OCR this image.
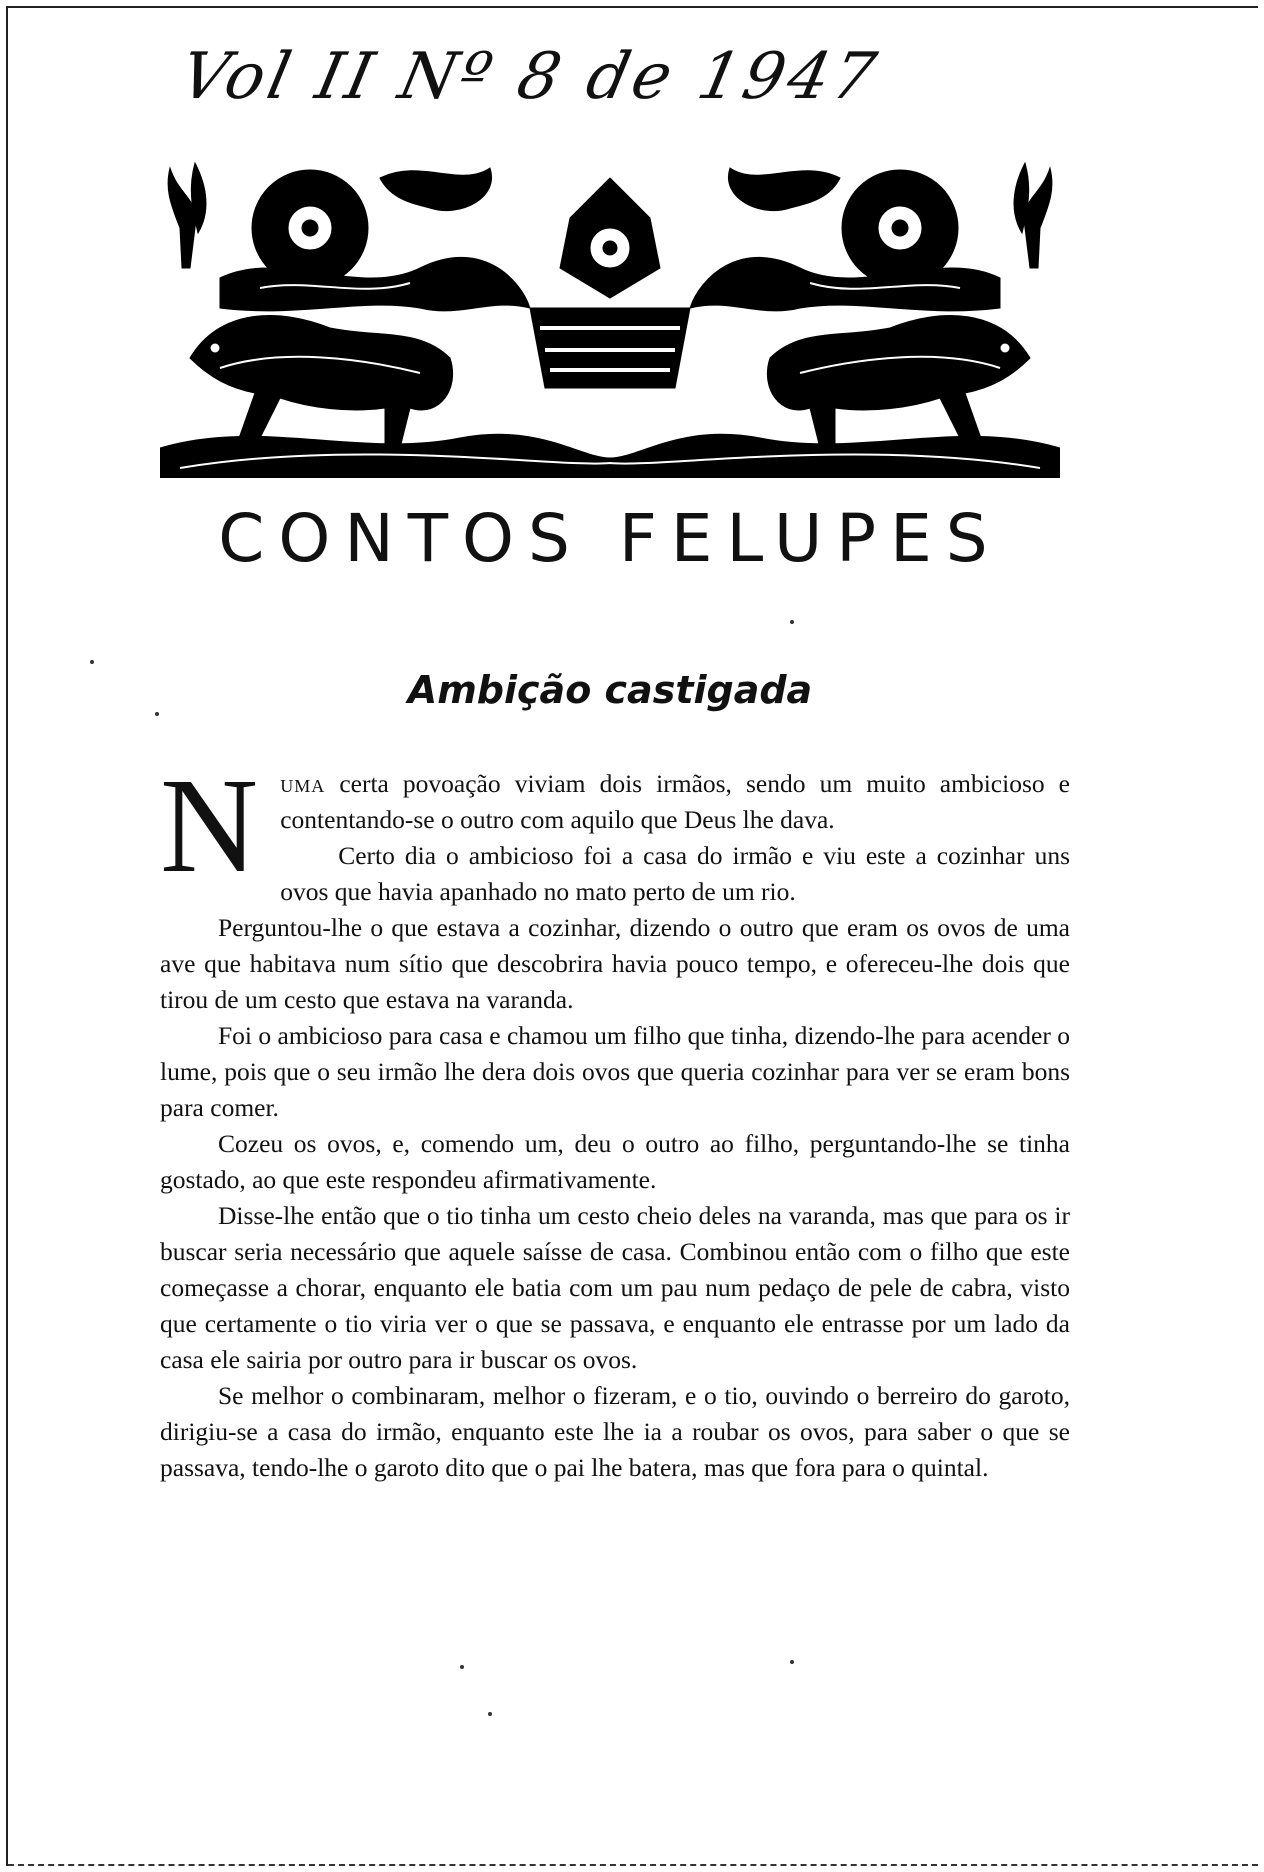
Vol II Nº 8 de 1947
CONTOS FELUPES
Ambição castigada

Numa certa povoação viviam dois irmãos, sendo um muito ambicioso e contentando-se o outro com aquilo que Deus lhe dava.

Certo dia o ambicioso foi a casa do irmão e viu este a cozinhar uns ovos que havia apanhado no mato perto de um rio.

Perguntou-lhe o que estava a cozinhar, dizendo o outro que eram os ovos de uma ave que habitava num sítio que descobrira havia pouco tempo, e ofereceu-lhe dois que tirou de um cesto que estava na varanda.

Foi o ambicioso para casa e chamou um filho que tinha, dizendo-lhe para acender o lume, pois que o seu irmão lhe dera dois ovos que queria cozinhar para ver se eram bons para comer.

Cozeu os ovos, e, comendo um, deu o outro ao filho, perguntando-lhe se tinha gostado, ao que este respondeu afirmativamente.

Disse-lhe então que o tio tinha um cesto cheio deles na varanda, mas que para os ir buscar seria necessário que aquele saísse de casa. Combinou então com o filho que este começasse a chorar, enquanto ele batia com um pau num pedaço de pele de cabra, visto que certamente o tio viria ver o que se passava, e enquanto ele entrasse por um lado da casa ele sairia por outro para ir buscar os ovos.

Se melhor o combinaram, melhor o fizeram, e o tio, ouvindo o berreiro do garoto, dirigiu-se a casa do irmão, enquanto este lhe ia a roubar os ovos, para saber o que se passava, tendo-lhe o garoto dito que o pai lhe batera, mas que fora para o quintal.
